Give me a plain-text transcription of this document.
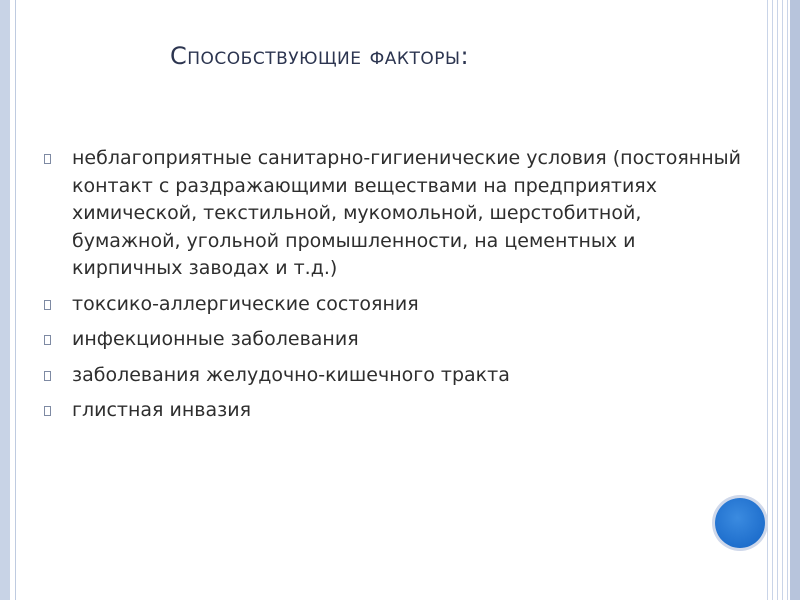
Способствующие факторы:
неблагоприятные санитарно-гигиенические условия (постоянный контакт с раздражающими веществами на предприятиях химической, текстильной, мукомольной, шерстобитной, бумажной, угольной промышленности, на цементных и кирпичных заводах и т.д.)
токсико-аллергические состояния
инфекционные заболевания
заболевания желудочно-кишечного тракта
глистная инвазия
